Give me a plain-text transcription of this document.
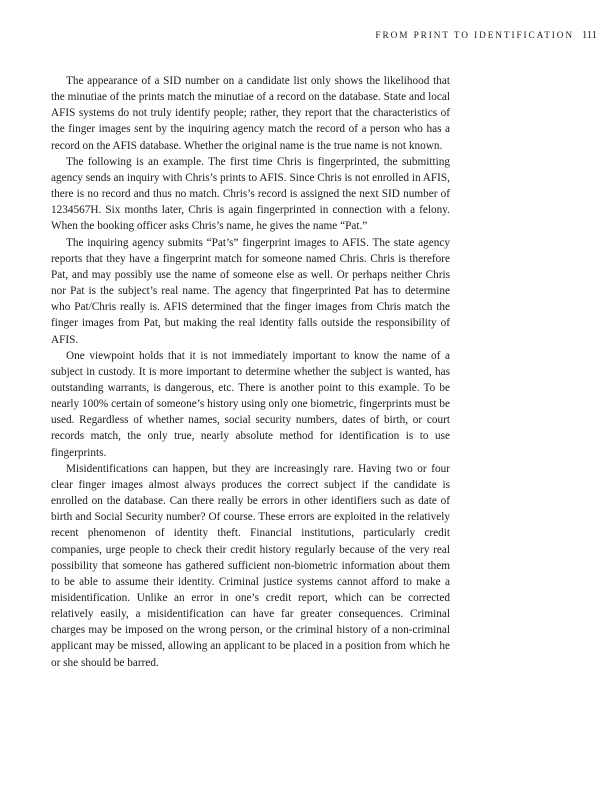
FROM PRINT TO IDENTIFICATION 111

The appearance of a SID number on a candidate list only shows the likelihood that the minutiae of the prints match the minutiae of a record on the database. State and local AFIS systems do not truly identify people; rather, they report that the characteristics of the finger images sent by the inquiring agency match the record of a person who has a record on the AFIS database. Whether the original name is the true name is not known.

The following is an example. The first time Chris is fingerprinted, the submitting agency sends an inquiry with Chris’s prints to AFIS. Since Chris is not enrolled in AFIS, there is no record and thus no match. Chris’s record is assigned the next SID number of 1234567H. Six months later, Chris is again fingerprinted in connection with a felony. When the booking officer asks Chris’s name, he gives the name “Pat.”

The inquiring agency submits “Pat’s” fingerprint images to AFIS. The state agency reports that they have a fingerprint match for someone named Chris. Chris is therefore Pat, and may possibly use the name of someone else as well. Or perhaps neither Chris nor Pat is the subject’s real name. The agency that fingerprinted Pat has to determine who Pat/Chris really is. AFIS determined that the finger images from Chris match the finger images from Pat, but making the real identity falls outside the responsibility of AFIS.

One viewpoint holds that it is not immediately important to know the name of a subject in custody. It is more important to determine whether the subject is wanted, has outstanding warrants, is dangerous, etc. There is another point to this example. To be nearly 100% certain of someone’s history using only one biometric, fingerprints must be used. Regardless of whether names, social security numbers, dates of birth, or court records match, the only true, nearly absolute method for identification is to use fingerprints.

Misidentifications can happen, but they are increasingly rare. Having two or four clear finger images almost always produces the correct subject if the candidate is enrolled on the database. Can there really be errors in other identifiers such as date of birth and Social Security number? Of course. These errors are exploited in the relatively recent phenomenon of identity theft. Financial institutions, particularly credit companies, urge people to check their credit history regularly because of the very real possibility that someone has gathered sufficient non-biometric information about them to be able to assume their identity. Criminal justice systems cannot afford to make a misidentification. Unlike an error in one’s credit report, which can be corrected relatively easily, a misidentification can have far greater consequences. Criminal charges may be imposed on the wrong person, or the criminal history of a non-criminal applicant may be missed, allowing an applicant to be placed in a position from which he or she should be barred.
